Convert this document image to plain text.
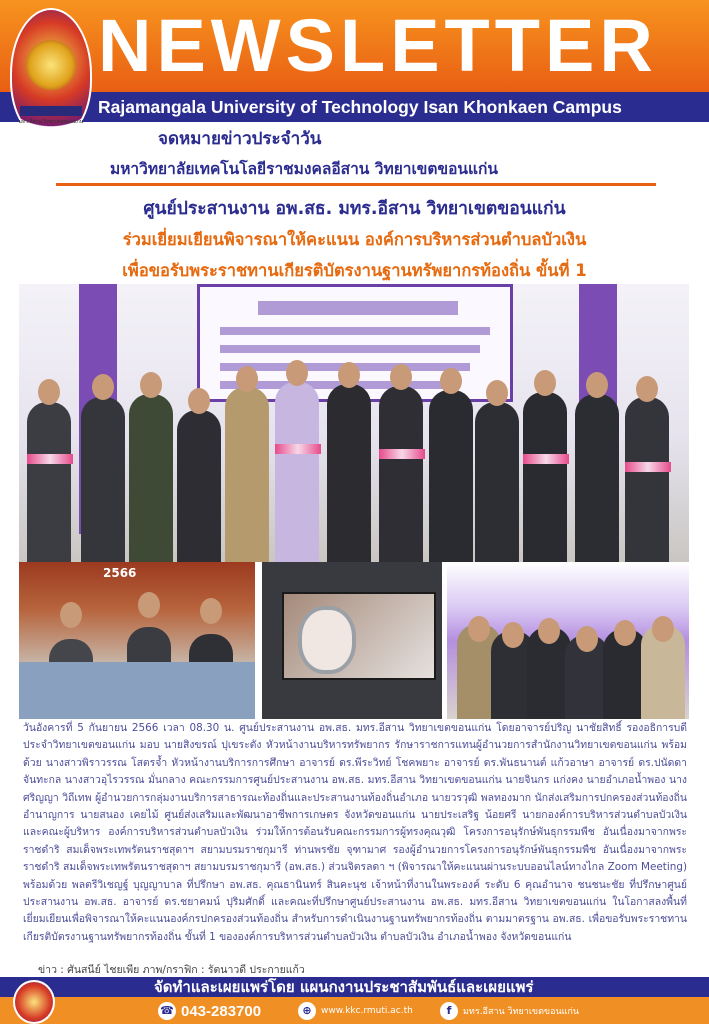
NEWSLETTER
มทร.อีสาน วิทยาเขตขอนแก่น
Rajamangala University of Technology Isan Khonkaen Campus
จดหมายข่าวประจำวัน
มหาวิทยาลัยเทคโนโลยีราชมงคลอีสาน วิทยาเขตขอนแก่น
ศูนย์ประสานงาน อพ.สธ. มทร.อีสาน วิทยาเขตขอนแก่น
ร่วมเยี่ยมเยียนพิจารณาให้คะแนน องค์การบริหารส่วนตำบลบัวเงิน
เพื่อขอรับพระราชทานเกียรติบัตรงานฐานทรัพยากรท้องถิ่น ขั้นที่ 1
2566
วันอังคารที่ 5 กันยายน 2566 เวลา 08.30 น. ศูนย์ประสานงาน อพ.สธ. มทร.อีสาน วิทยาเขตขอนแก่น โดยอาจารย์ปริญ นาชัยสิทธิ์ รองอธิการบดีประจำวิทยาเขตขอนแก่น มอบ นายสิงขรณ์ ปุเขระตัง หัวหน้างานบริหารทรัพยากร รักษาราชการแทนผู้อำนวยการสำนักงานวิทยาเขตขอนแก่น พร้อมด้วย นางสาวพิราวรรณ โสตรจ้ำ หัวหน้างานบริการการศึกษา อาจารย์ ดร.พีระวิทย์ โชคพยาะ อาจารย์ ดร.พันธนานต์ แก้วอาษา อาจารย์ ดร.ปนัดดา จันทะกล นางสาวอุไรวรรณ มั่นกลาง คณะกรรมการศูนย์ประสานงาน อพ.สธ. มทร.อีสาน วิทยาเขตขอนแก่น นายจินกร แก่งคง นายอำเภอน้ำพอง นางศริญญา วิถีเทพ ผู้อำนวยการกลุ่มงานบริการสาธารณะท้องถิ่นและประสานงานท้องถิ่นอำเภอ นายวรวุฒิ พลทองมาก นักส่งเสริมการปกครองส่วนท้องถิ่น อำนาญการ นายสนอง เคยไม้ ศูนย์ส่งเสริมและพัฒนาอาชีพการเกษตร จังหวัดขอนแก่น นายประเสริฐ น้อยศรี นายกองค์การบริหารส่วนตำบลบัวเงินและคณะผู้บริหาร องค์การบริหารส่วนตำบลบัวเงิน ร่วมให้การต้อนรับคณะกรรมการผู้ทรงคุณวุฒิ โครงการอนุรักษ์พันธุกรรมพืช อันเนื่องมาจากพระราชดำริ สมเด็จพระเทพรัตนราชสุดาฯ สยามบรมราชกุมารี ท่านพรชัย จุฑามาศ รองผู้อำนวยการโครงการอนุรักษ์พันธุกรรมพืช อันเนื่องมาจากพระราชดำริ สมเด็จพระเทพรัตนราชสุดาฯ สยามบรมราชกุมารี (อพ.สธ.) ส่วนจิตรลดา ฯ (พิจารณาให้คะแนนผ่านระบบออนไลน์ทางไกล Zoom Meeting) พร้อมด้วย พลตรีวิเชญฐ์ บุญญาบาล ที่ปรึกษา อพ.สธ. คุณธานินทร์ สินคะนุช เจ้าหน้าที่งานในพระองค์ ระดับ 6 คุณอำนาจ ชนชนะชัย ที่ปรึกษาศูนย์ประสานงาน อพ.สธ. อาจารย์ ดร.ชยาคมน์ ปุริมศักดิ์ และคณะที่ปรึกษาศูนย์ประสานงาน อพ.สธ. มทร.อีสาน วิทยาเขตขอนแก่น ในโอกาสลงพื้นที่เยี่ยมเยียนเพื่อพิจารณาให้คะแนนองค์กรปกครองส่วนท้องถิ่น สำหรับการดำเนินงานฐานทรัพยากรท้องถิ่น ตามมาตรฐาน อพ.สธ. เพื่อขอรับพระราชทานเกียรติบัตรงานฐานทรัพยากรท้องถิ่น ขั้นที่ 1 ขององค์การบริหารส่วนตำบลบัวเงิน ตำบลบัวเงิน อำเภอน้ำพอง จังหวัดขอนแก่น
ข่าว : ศันสนีย์ ไชยเพีย ภาพ/กราฟิก : รัตนาวดี ประกายแก้ว
จัดทำและเผยแพร่โดย แผนกงานประชาสัมพันธ์และเผยแพร่
☎ 043-283700	⊕	www.kkc.rmuti.ac.th	f	มทร.อีสาน วิทยาเขตขอนแก่น
